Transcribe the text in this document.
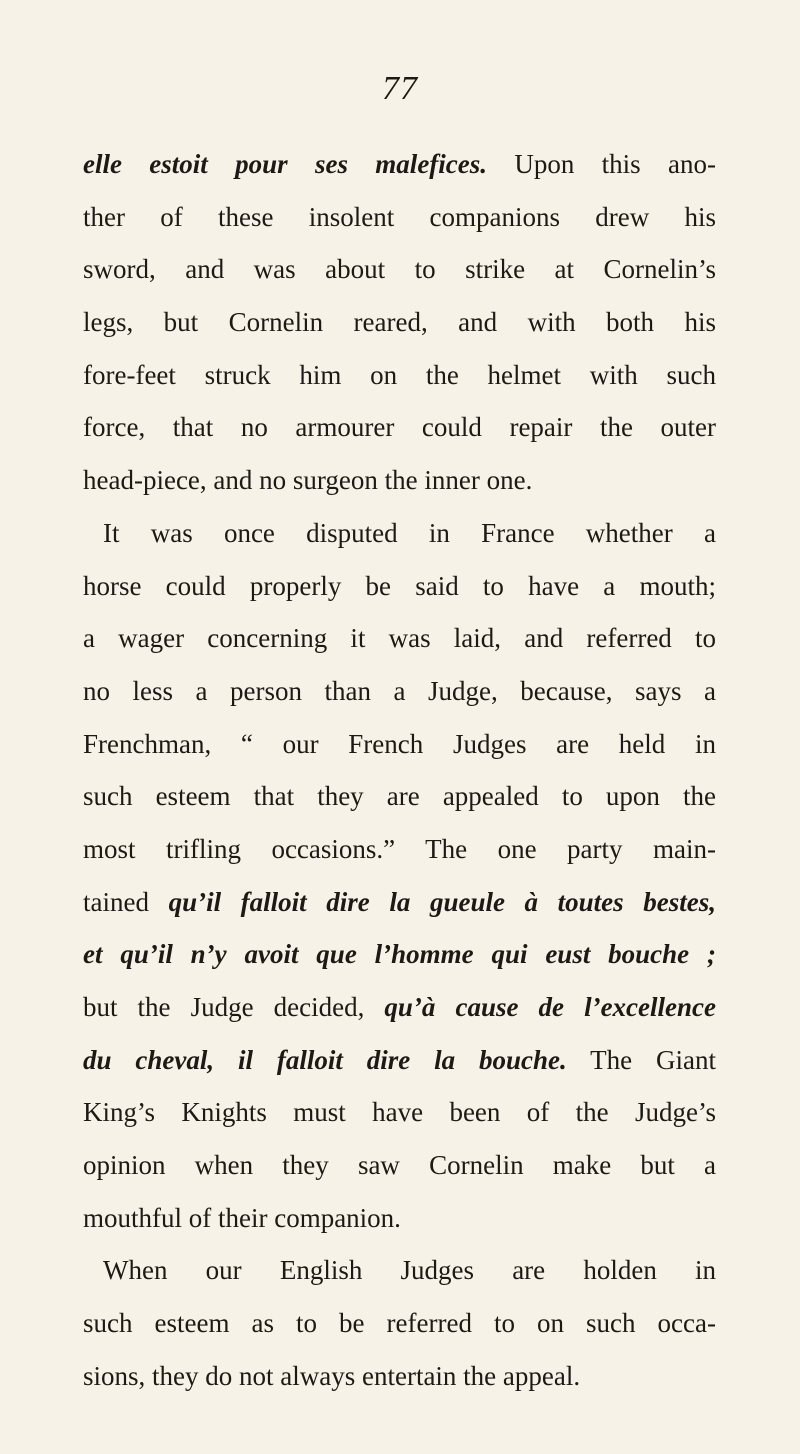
77
elle estoit pour ses malefices. Upon this ano-
ther of these insolent companions drew his
sword, and was about to strike at Cornelin’s
legs, but Cornelin reared, and with both his
fore-feet struck him on the helmet with such
force, that no armourer could repair the outer
head-piece, and no surgeon the inner one.
It was once disputed in France whether a
horse could properly be said to have a mouth;
a wager concerning it was laid, and referred to
no less a person than a Judge, because, says a
Frenchman, “ our French Judges are held in
such esteem that they are appealed to upon the
most trifling occasions.” The one party main-
tained qu’il falloit dire la gueule à toutes bestes,
et qu’il n’y avoit que l’homme qui eust bouche ;
but the Judge decided, qu’à cause de l’excellence
du cheval, il falloit dire la bouche. The Giant
King’s Knights must have been of the Judge’s
opinion when they saw Cornelin make but a
mouthful of their companion.
When our English Judges are holden in
such esteem as to be referred to on such occa-
sions, they do not always entertain the appeal.
